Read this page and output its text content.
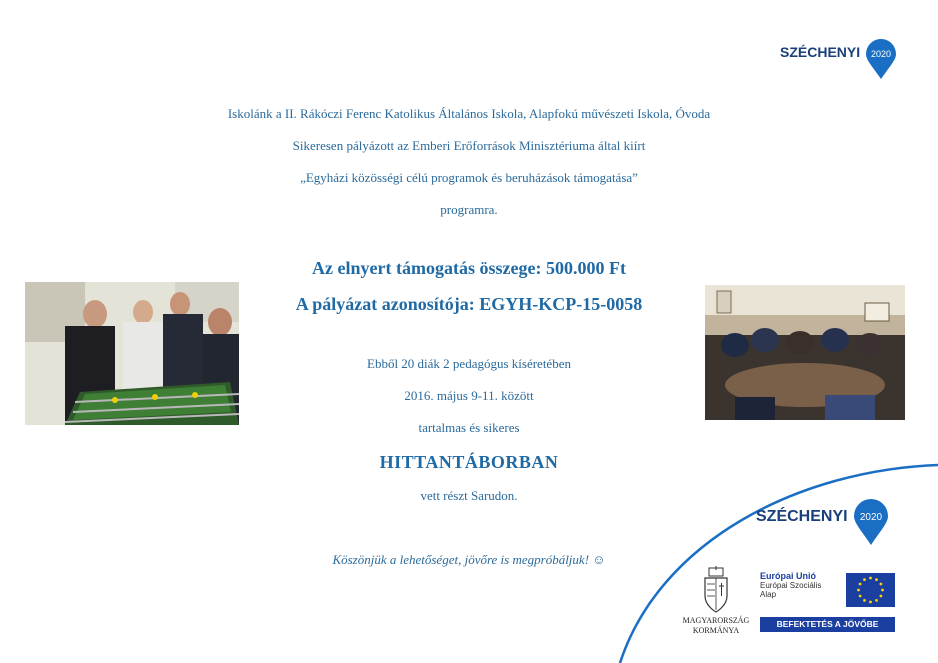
SZÉCHENYI 2020
Iskolánk a II. Rákóczi Ferenc Katolikus Általános Iskola, Alapfokú művészeti Iskola, Óvoda
Sikeresen pályázott az Emberi Erőforrások Minisztériuma által kiírt
„Egyházi közösségi célú programok és beruházások támogatása”
programra.
Az elnyert támogatás összege: 500.000 Ft
A pályázat azonosítója: EGYH-KCP-15-0058
Ebből 20 diák 2 pedagógus kíséretében
2016. május 9-11. között
tartalmas és sikeres
HITTANTÁBORBAN
vett részt Sarudon.
Köszönjük a lehetőséget, jövőre is megpróbáljuk! ☺
SZÉCHENYI 2020
MAGYARORSZÁG
KORMÁNYA
Európai Unió
Európai Szociális
Alap
BEFEKTETÉS A JÖVŐBE
